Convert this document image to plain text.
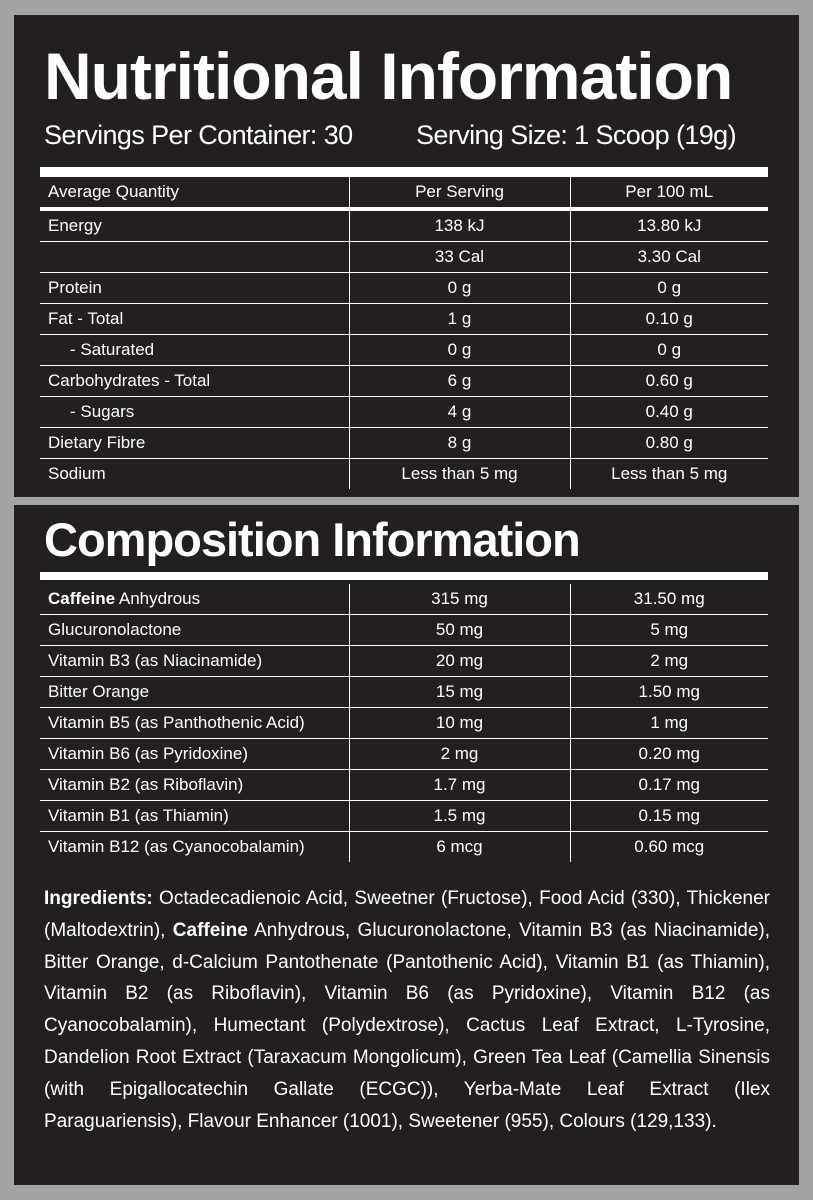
Nutritional Information
Servings Per Container: 30 Serving Size: 1 Scoop (19g)
Average Quantity	Per Serving	Per 100 mL
Energy	138 kJ	13.80 kJ
	33 Cal	3.30 Cal
Protein	0 g	0 g
Fat - Total	1 g	0.10 g
- Saturated	0 g	0 g
Carbohydrates - Total	6 g	0.60 g
- Sugars	4 g	0.40 g
Dietary Fibre	8 g	0.80 g
Sodium	Less than 5 mg	Less than 5 mg
Composition Information
Caffeine Anhydrous	315 mg	31.50 mg
Glucuronolactone	50 mg	5 mg
Vitamin B3 (as Niacinamide)	20 mg	2 mg
Bitter Orange	15 mg	1.50 mg
Vitamin B5 (as Panthothenic Acid)	10 mg	1 mg
Vitamin B6 (as Pyridoxine)	2 mg	0.20 mg
Vitamin B2 (as Riboflavin)	1.7 mg	0.17 mg
Vitamin B1 (as Thiamin)	1.5 mg	0.15 mg
Vitamin B12 (as Cyanocobalamin)	6 mcg	0.60 mcg
Ingredients: Octadecadienoic Acid, Sweetner (Fructose), Food Acid (330), Thickener (Maltodextrin), Caffeine Anhydrous, Glucuronolactone, Vitamin B3 (as Niacinamide), Bitter Orange, d-Calcium Pantothenate (Pantothenic Acid), Vitamin B1 (as Thiamin), Vitamin B2 (as Riboflavin), Vitamin B6 (as Pyridoxine), Vitamin B12 (as Cyanocobalamin), Humectant (Polydextrose), Cactus Leaf Extract, L-Tyrosine, Dandelion Root Extract (Taraxacum Mongolicum), Green Tea Leaf (Camellia Sinensis (with Epigallocatechin Gallate (ECGC)), Yerba-Mate Leaf Extract (Ilex Paraguariensis), Flavour Enhancer (1001), Sweetener (955), Colours (129,133).
